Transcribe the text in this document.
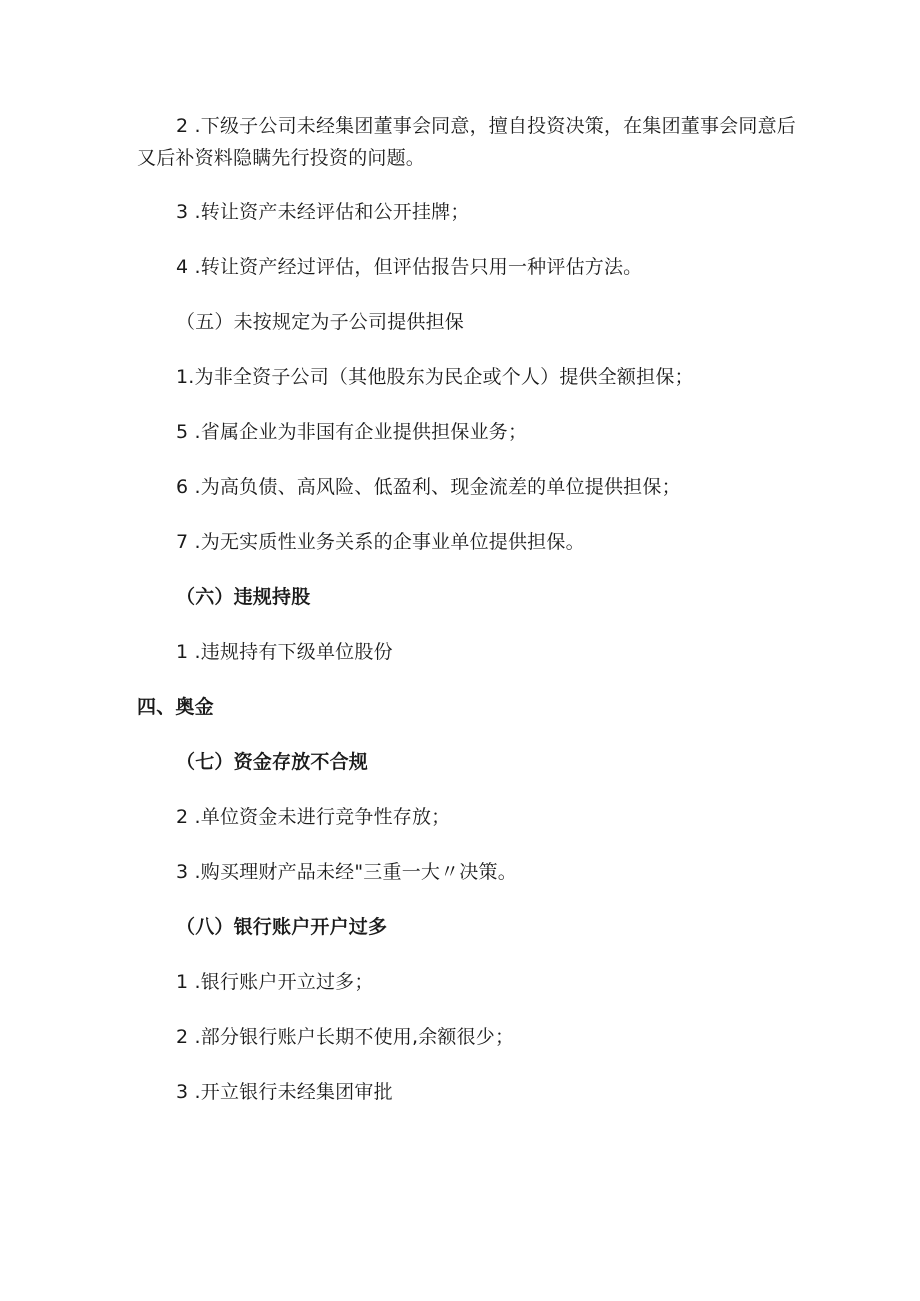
2 .下级子公司未经集团董事会同意，擅自投资决策，在集团董事会同意后
又后补资料隐瞒先行投资的问题。
3 .转让资产未经评估和公开挂牌；
4 .转让资产经过评估，但评估报告只用一种评估方法。
（五）未按规定为子公司提供担保
1.为非全资子公司（其他股东为民企或个人）提供全额担保；
5 .省属企业为非国有企业提供担保业务；
6 .为高负债、高风险、低盈利、现金流差的单位提供担保；
7 .为无实质性业务关系的企事业单位提供担保。
（六）违规持股
1 .违规持有下级单位股份
四、奥金
（七）资金存放不合规
2 .单位资金未进行竞争性存放；
3 .购买理财产品未经"三重一大〃决策。
（八）银行账户开户过多
1 .银行账户开立过多；
2 .部分银行账户长期不使用,余额很少；
3 .开立银行未经集团审批
